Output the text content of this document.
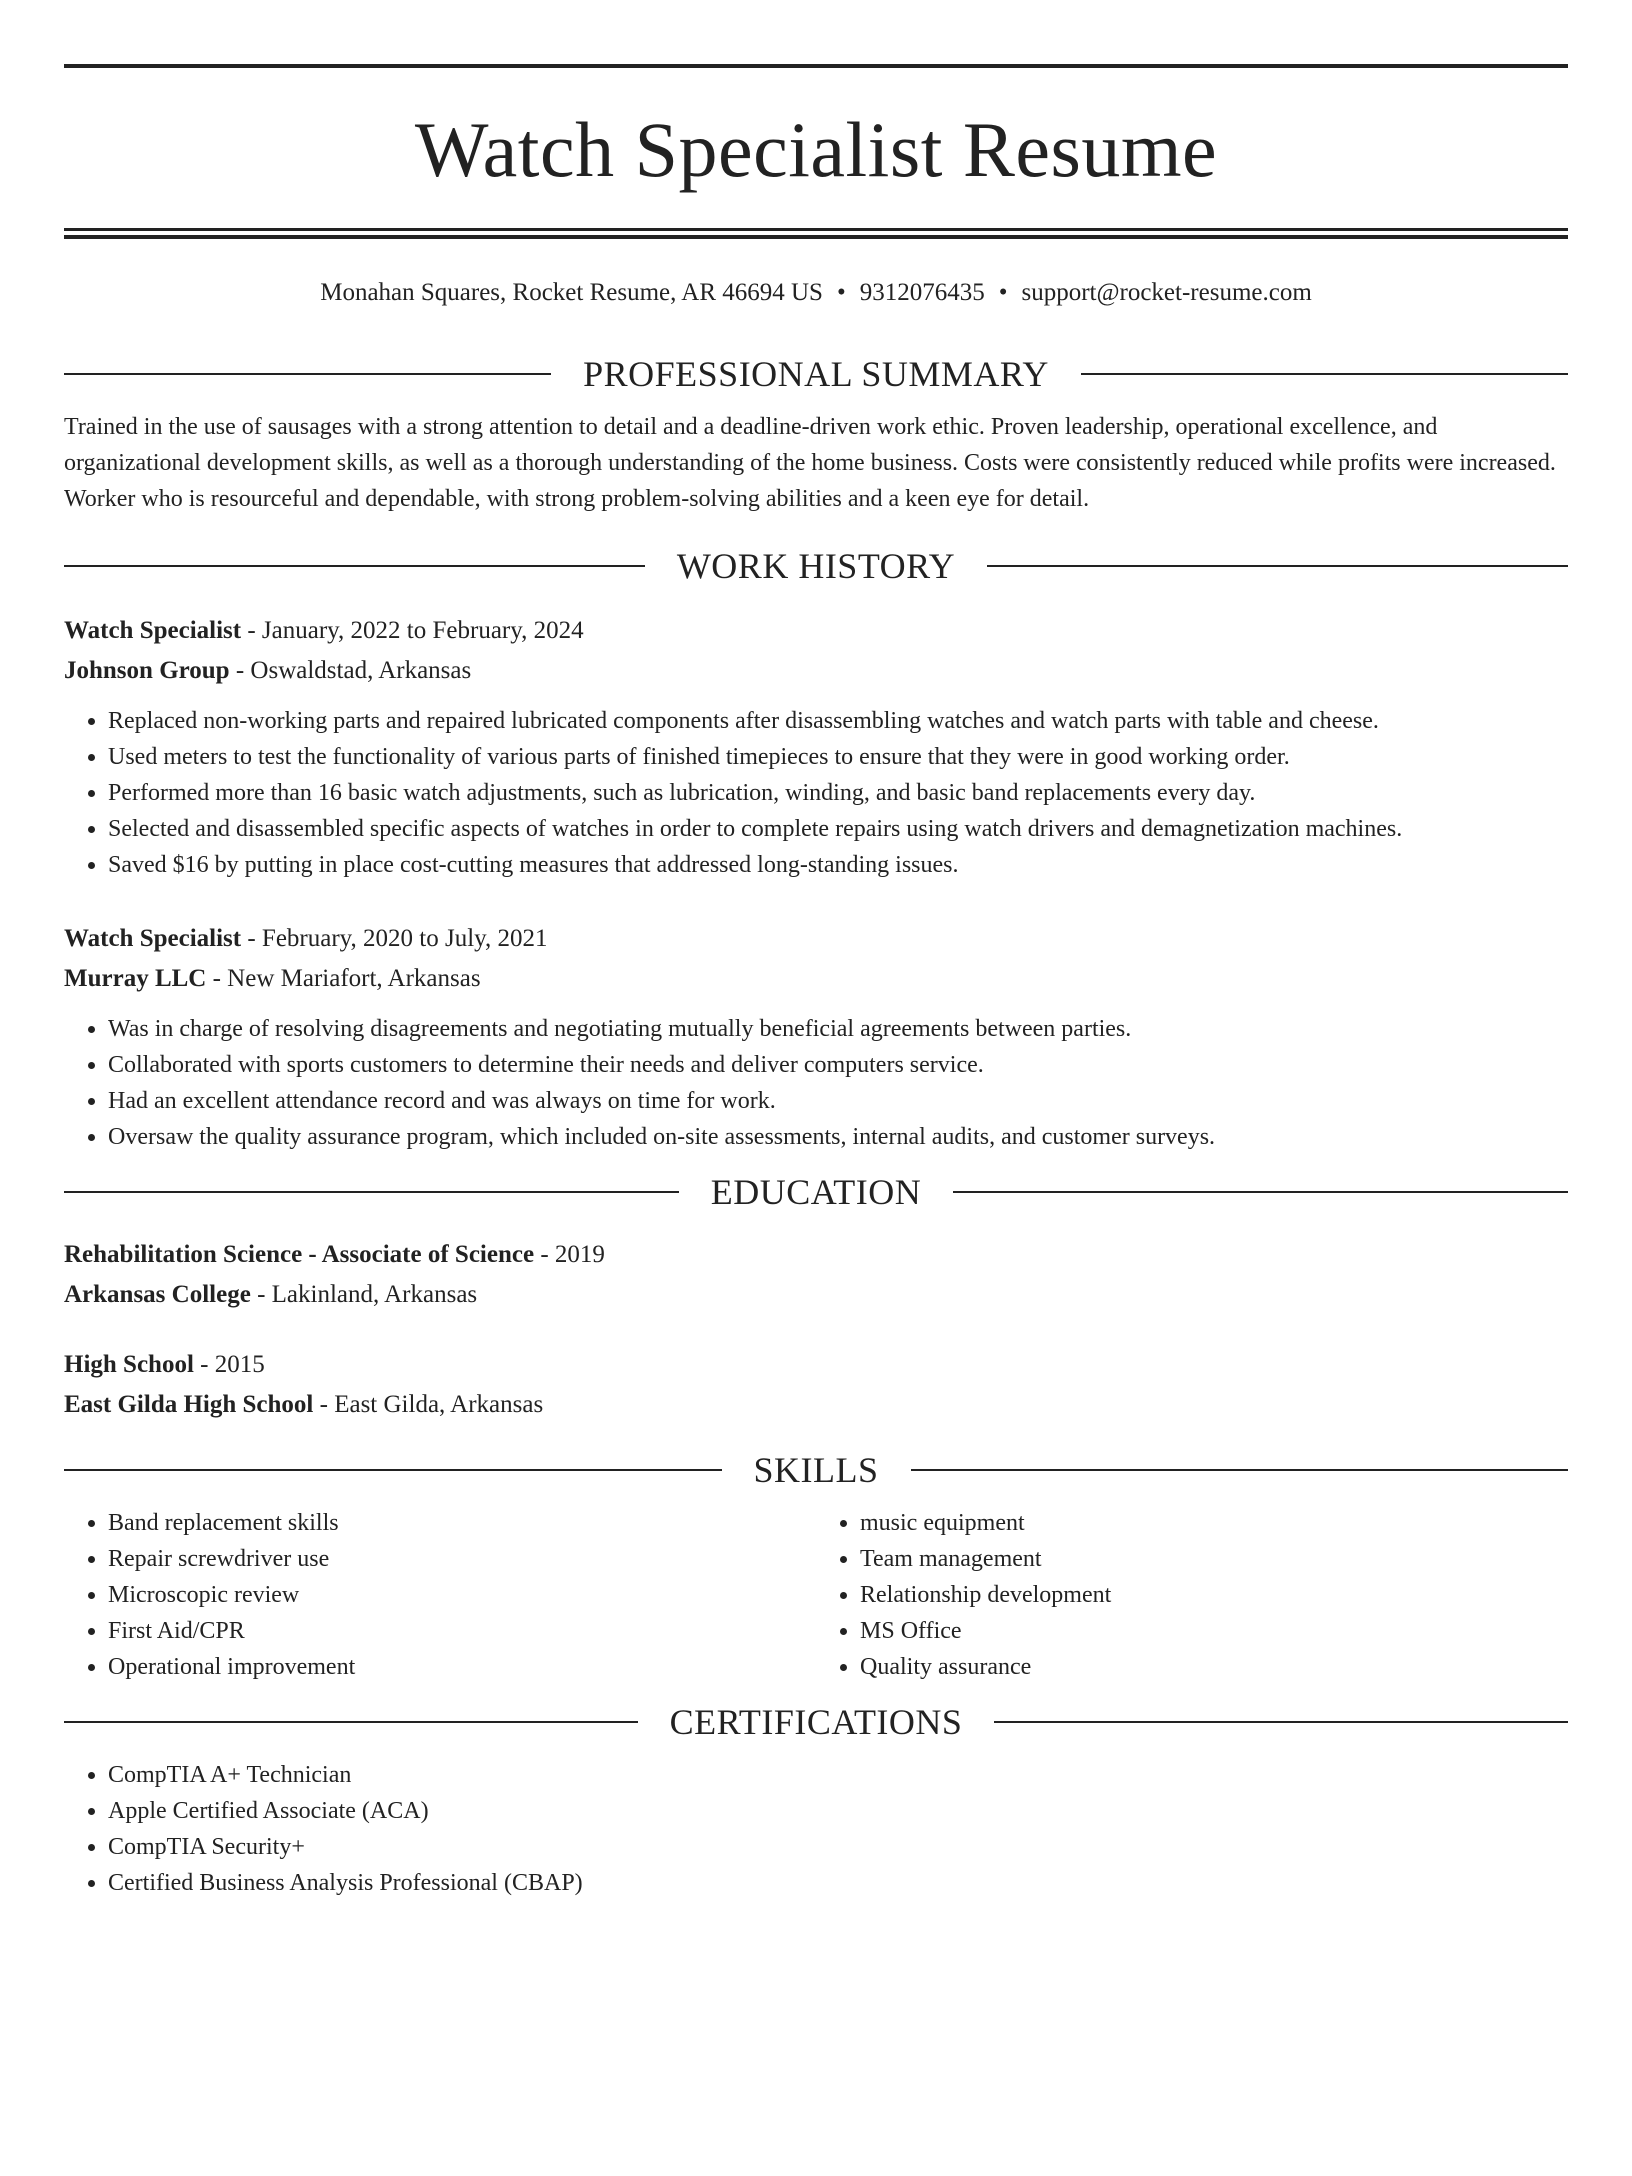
Watch Specialist Resume
Monahan Squares, Rocket Resume, AR 46694 US • 9312076435 • support@rocket-resume.com
PROFESSIONAL SUMMARY
Trained in the use of sausages with a strong attention to detail and a deadline-driven work ethic. Proven leadership, operational excellence, and organizational development skills, as well as a thorough understanding of the home business. Costs were consistently reduced while profits were increased. Worker who is resourceful and dependable, with strong problem-solving abilities and a keen eye for detail.
WORK HISTORY
Watch Specialist - January, 2022 to February, 2024
Johnson Group - Oswaldstad, Arkansas
• Replaced non-working parts and repaired lubricated components after disassembling watches and watch parts with table and cheese.
• Used meters to test the functionality of various parts of finished timepieces to ensure that they were in good working order.
• Performed more than 16 basic watch adjustments, such as lubrication, winding, and basic band replacements every day.
• Selected and disassembled specific aspects of watches in order to complete repairs using watch drivers and demagnetization machines.
• Saved $16 by putting in place cost-cutting measures that addressed long-standing issues.
Watch Specialist - February, 2020 to July, 2021
Murray LLC - New Mariafort, Arkansas
• Was in charge of resolving disagreements and negotiating mutually beneficial agreements between parties.
• Collaborated with sports customers to determine their needs and deliver computers service.
• Had an excellent attendance record and was always on time for work.
• Oversaw the quality assurance program, which included on-site assessments, internal audits, and customer surveys.
EDUCATION
Rehabilitation Science - Associate of Science - 2019
Arkansas College - Lakinland, Arkansas
High School - 2015
East Gilda High School - East Gilda, Arkansas
SKILLS
• Band replacement skills
• Repair screwdriver use
• Microscopic review
• First Aid/CPR
• Operational improvement
• music equipment
• Team management
• Relationship development
• MS Office
• Quality assurance
CERTIFICATIONS
• CompTIA A+ Technician
• Apple Certified Associate (ACA)
• CompTIA Security+
• Certified Business Analysis Professional (CBAP)
